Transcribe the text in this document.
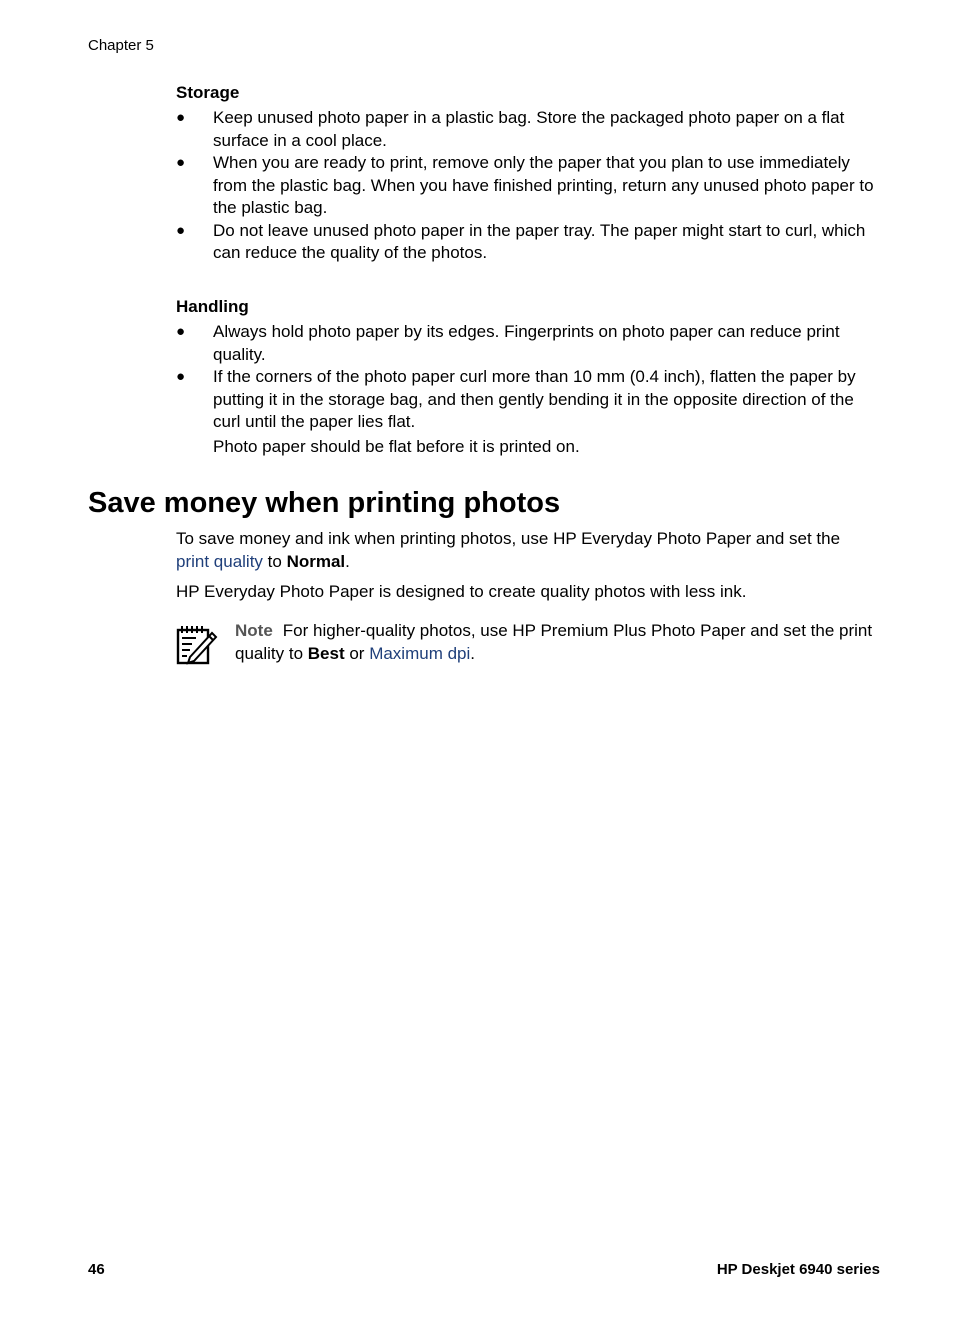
Chapter 5
Storage
● Keep unused photo paper in a plastic bag. Store the packaged photo paper on a flat surface in a cool place.
● When you are ready to print, remove only the paper that you plan to use immediately from the plastic bag. When you have finished printing, return any unused photo paper to the plastic bag.
● Do not leave unused photo paper in the paper tray. The paper might start to curl, which can reduce the quality of the photos.
Handling
● Always hold photo paper by its edges. Fingerprints on photo paper can reduce print quality.
● If the corners of the photo paper curl more than 10 mm (0.4 inch), flatten the paper by putting it in the storage bag, and then gently bending it in the opposite direction of the curl until the paper lies flat.
Photo paper should be flat before it is printed on.
Save money when printing photos

To save money and ink when printing photos, use HP Everyday Photo Paper and set the
print quality to Normal.

HP Everyday Photo Paper is designed to create quality photos with less ink.

Note For higher-quality photos, use HP Premium Plus Photo Paper and set the print quality to Best or Maximum dpi.
46	HP Deskjet 6940 series
